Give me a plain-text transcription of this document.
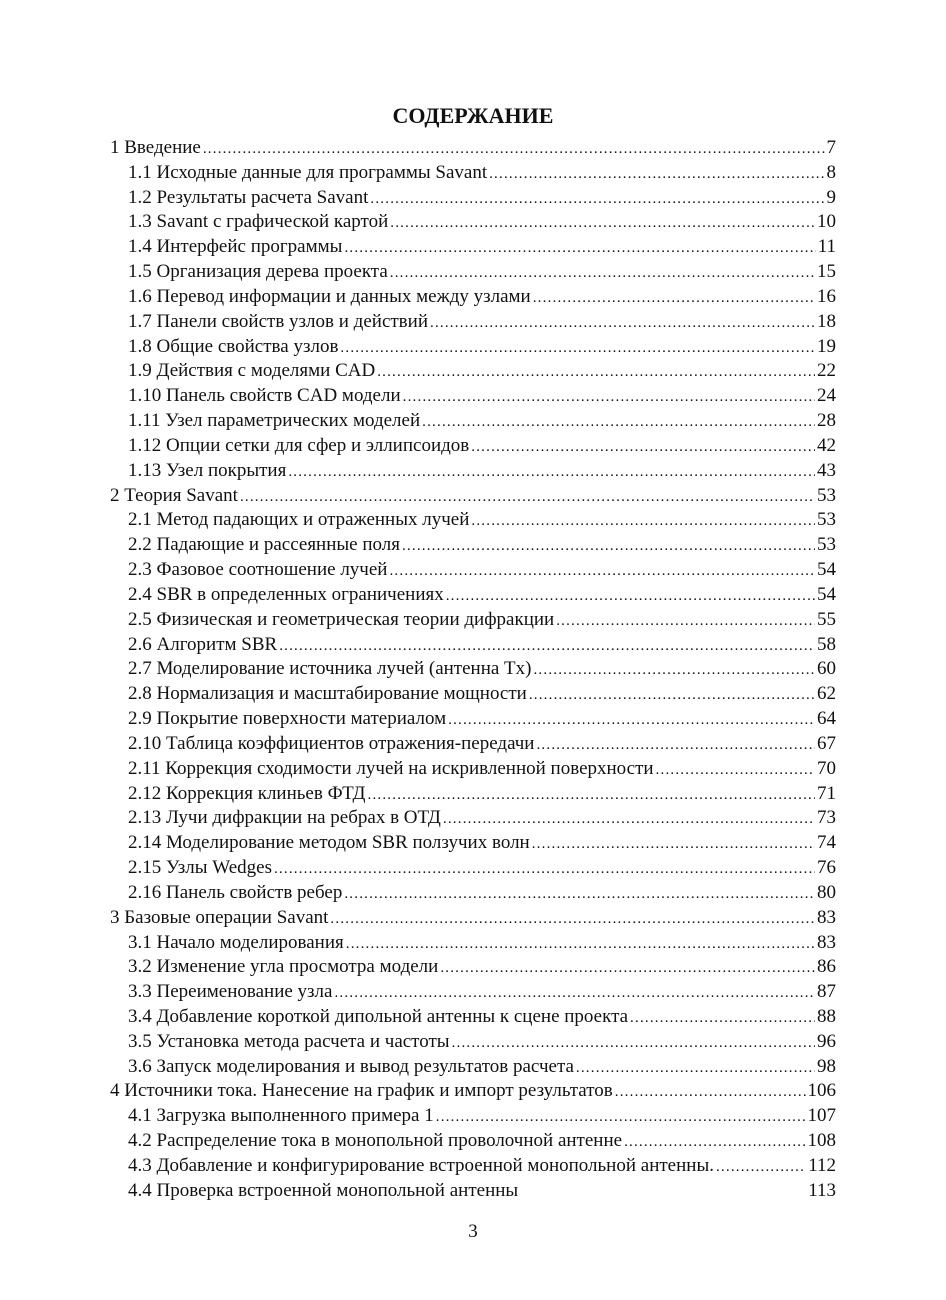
СОДЕРЖАНИЕ
1 Введение .....	7
1.1 Исходные данные для программы Savant .....	8
1.2 Результаты расчета Savant .....	9
1.3 Savant с графической картой .....	10
1.4 Интерфейс программы .....	11
1.5 Организация дерева проекта .....	15
1.6 Перевод информации и данных между узлами .....	16
1.7 Панели свойств узлов и действий .....	18
1.8 Общие свойства узлов .....	19
1.9 Действия с моделями CAD .....	22
1.10 Панель свойств CAD модели .....	24
1.11 Узел параметрических моделей .....	28
1.12 Опции сетки для сфер и эллипсоидов .....	42
1.13 Узел покрытия .....	43
2 Теория Savant .....	53
2.1 Метод падающих и отраженных лучей .....	53
2.2 Падающие и рассеянные поля .....	53
2.3 Фазовое соотношение лучей .....	54
2.4 SBR в определенных ограничениях .....	54
2.5 Физическая и геометрическая теории дифракции .....	55
2.6 Алгоритм SBR .....	58
2.7 Моделирование источника лучей (антенна Tx) .....	60
2.8 Нормализация и масштабирование мощности .....	62
2.9 Покрытие поверхности материалом .....	64
2.10 Таблица коэффициентов отражения-передачи .....	67
2.11 Коррекция сходимости лучей на искривленной поверхности .....	70
2.12 Коррекция клиньев ФТД .....	71
2.13 Лучи дифракции на ребрах в ОТД .....	73
2.14 Моделирование методом SBR ползучих волн .....	74
2.15 Узлы Wedges .....	76
2.16 Панель свойств ребер .....	80
3 Базовые операции Savant .....	83
3.1 Начало моделирования .....	83
3.2 Изменение угла просмотра модели .....	86
3.3 Переименование узла .....	87
3.4 Добавление короткой дипольной антенны к сцене проекта .....	88
3.5 Установка метода расчета и частоты .....	96
3.6 Запуск моделирования и вывод результатов расчета .....	98
4 Источники тока. Нанесение на график и импорт результатов .....	106
4.1 Загрузка выполненного примера 1 .....	107
4.2 Распределение тока в монопольной проволочной антенне .....	108
4.3 Добавление и конфигурирование встроенной монопольной антенны. .....	112
4.4 Проверка встроенной монопольной антенны	113
3
